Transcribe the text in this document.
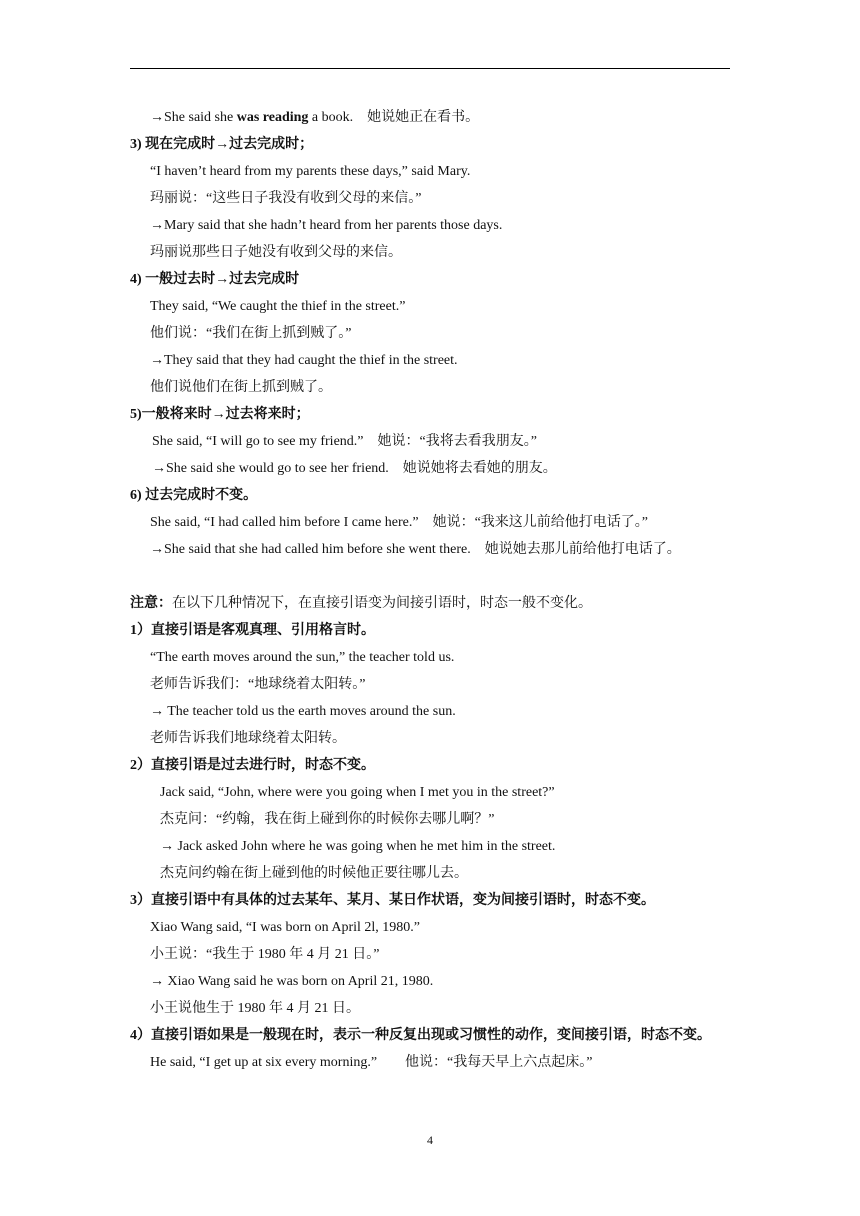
→She said she was reading a book.　她说她正在看书。
3) 现在完成时→过去完成时；
“I haven’t heard from my parents these days,” said Mary.
玛丽说：“这些日子我没有收到父母的来信。”
→Mary said that she hadn’t heard from her parents those days.
玛丽说那些日子她没有收到父母的来信。
4) 一般过去时→过去完成时
They said, “We caught the thief in the street.”
他们说：“我们在街上抓到贼了。”
→They said that they had caught the thief in the street.
他们说他们在街上抓到贼了。
5)一般将来时→过去将来时；
She said, “I will go to see my friend.”　她说：“我将去看我朋友。”
→She said she would go to see her friend.　她说她将去看她的朋友。
6) 过去完成时不变。
She said, “I had called him before I came here.”　她说：“我来这儿前给他打电话了。”
→She said that she had called him before she went there.　她说她去那儿前给他打电话了。
注意：在以下几种情况下，在直接引语变为间接引语时，时态一般不变化。
1）直接引语是客观真理、引用格言时。
“The earth moves around the sun,” the teacher told us.
老师告诉我们：“地球绕着太阳转。”
→ The teacher told us the earth moves around the sun.
老师告诉我们地球绕着太阳转。
2）直接引语是过去进行时，时态不变。
Jack said, “John, where were you going when I met you in the street?”
杰克问：“约翰，我在街上碰到你的时候你去哪儿啊？”
→ Jack asked John where he was going when he met him in the street.
杰克问约翰在街上碰到他的时候他正要往哪儿去。
3）直接引语中有具体的过去某年、某月、某日作状语，变为间接引语时，时态不变。
Xiao Wang said, “I was born on April 2l, 1980.”
小王说：“我生于 1980 年 4 月 21 日。”
→ Xiao Wang said he was born on April 21, 1980.
小王说他生于 1980 年 4 月 21 日。
4）直接引语如果是一般现在时，表示一种反复出现或习惯性的动作，变间接引语，时态不变。
He said, “I get up at six every morning.”　　他说：“我每天早上六点起床。”
4
